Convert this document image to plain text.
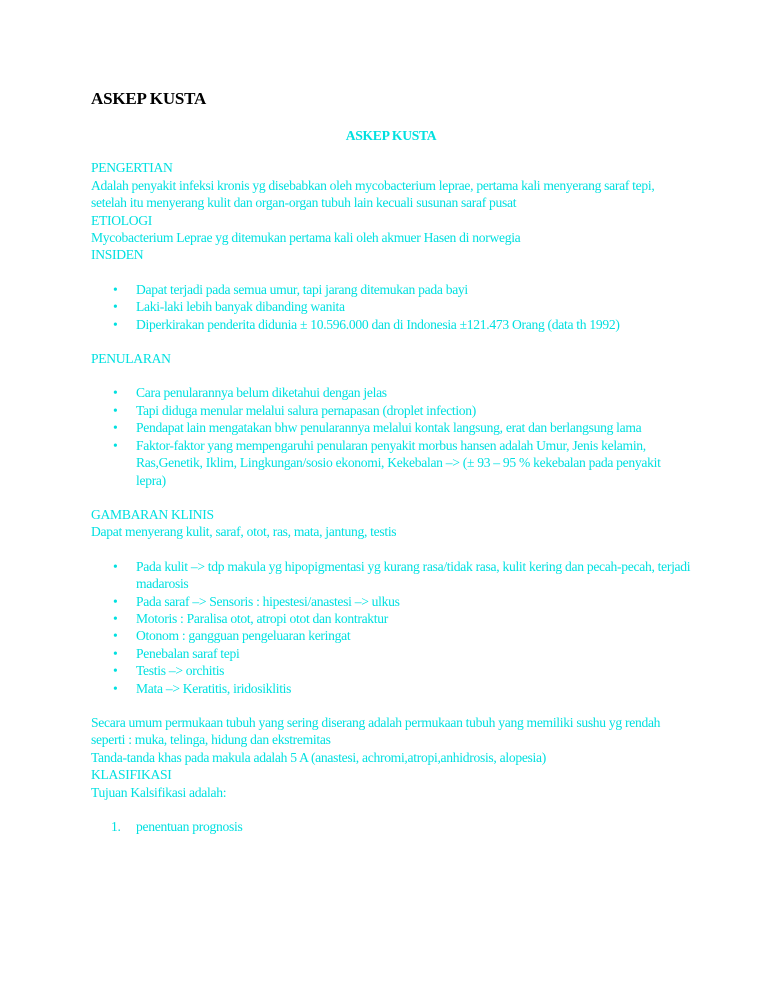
ASKEP KUSTA
ASKEP KUSTA

PENGERTIAN

Adalah penyakit infeksi kronis yg disebabkan oleh mycobacterium leprae, pertama kali menyerang saraf tepi, setelah itu menyerang kulit dan organ-organ tubuh lain kecuali susunan saraf pusat

ETIOLOGI

Mycobacterium Leprae yg ditemukan pertama kali oleh akmuer Hasen di norwegia

INSIDEN

• Dapat terjadi pada semua umur, tapi jarang ditemukan pada bayi
• Laki-laki lebih banyak dibanding wanita
• Diperkirakan penderita didunia ± 10.596.000 dan di Indonesia ±121.473 Orang (data th 1992)

PENULARAN

• Cara penularannya belum diketahui dengan jelas
• Tapi diduga menular melalui salura pernapasan (droplet infection)
• Pendapat lain mengatakan bhw penularannya melalui kontak langsung, erat dan berlangsung lama
• Faktor-faktor yang mempengaruhi penularan penyakit morbus hansen adalah Umur, Jenis kelamin, Ras,Genetik, Iklim, Lingkungan/sosio ekonomi, Kekebalan –> (± 93 – 95 % kekebalan pada penyakit lepra)

GAMBARAN KLINIS

Dapat menyerang kulit, saraf, otot, ras, mata, jantung, testis

• Pada kulit –> tdp makula yg hipopigmentasi yg kurang rasa/tidak rasa, kulit kering dan pecah-pecah, terjadi madarosis
• Pada saraf –> Sensoris : hipestesi/anastesi –> ulkus
• Motoris : Paralisa otot, atropi otot dan kontraktur
• Otonom : gangguan pengeluaran keringat
• Penebalan saraf tepi
• Testis –> orchitis
• Mata –> Keratitis, iridosiklitis

Secara umum permukaan tubuh yang sering diserang adalah permukaan tubuh yang memiliki sushu yg rendah seperti : muka, telinga, hidung dan ekstremitas

Tanda-tanda khas pada makula adalah 5 A (anastesi, achromi,atropi,anhidrosis, alopesia)

KLASIFIKASI

Tujuan Kalsifikasi adalah:

1. penentuan prognosis
